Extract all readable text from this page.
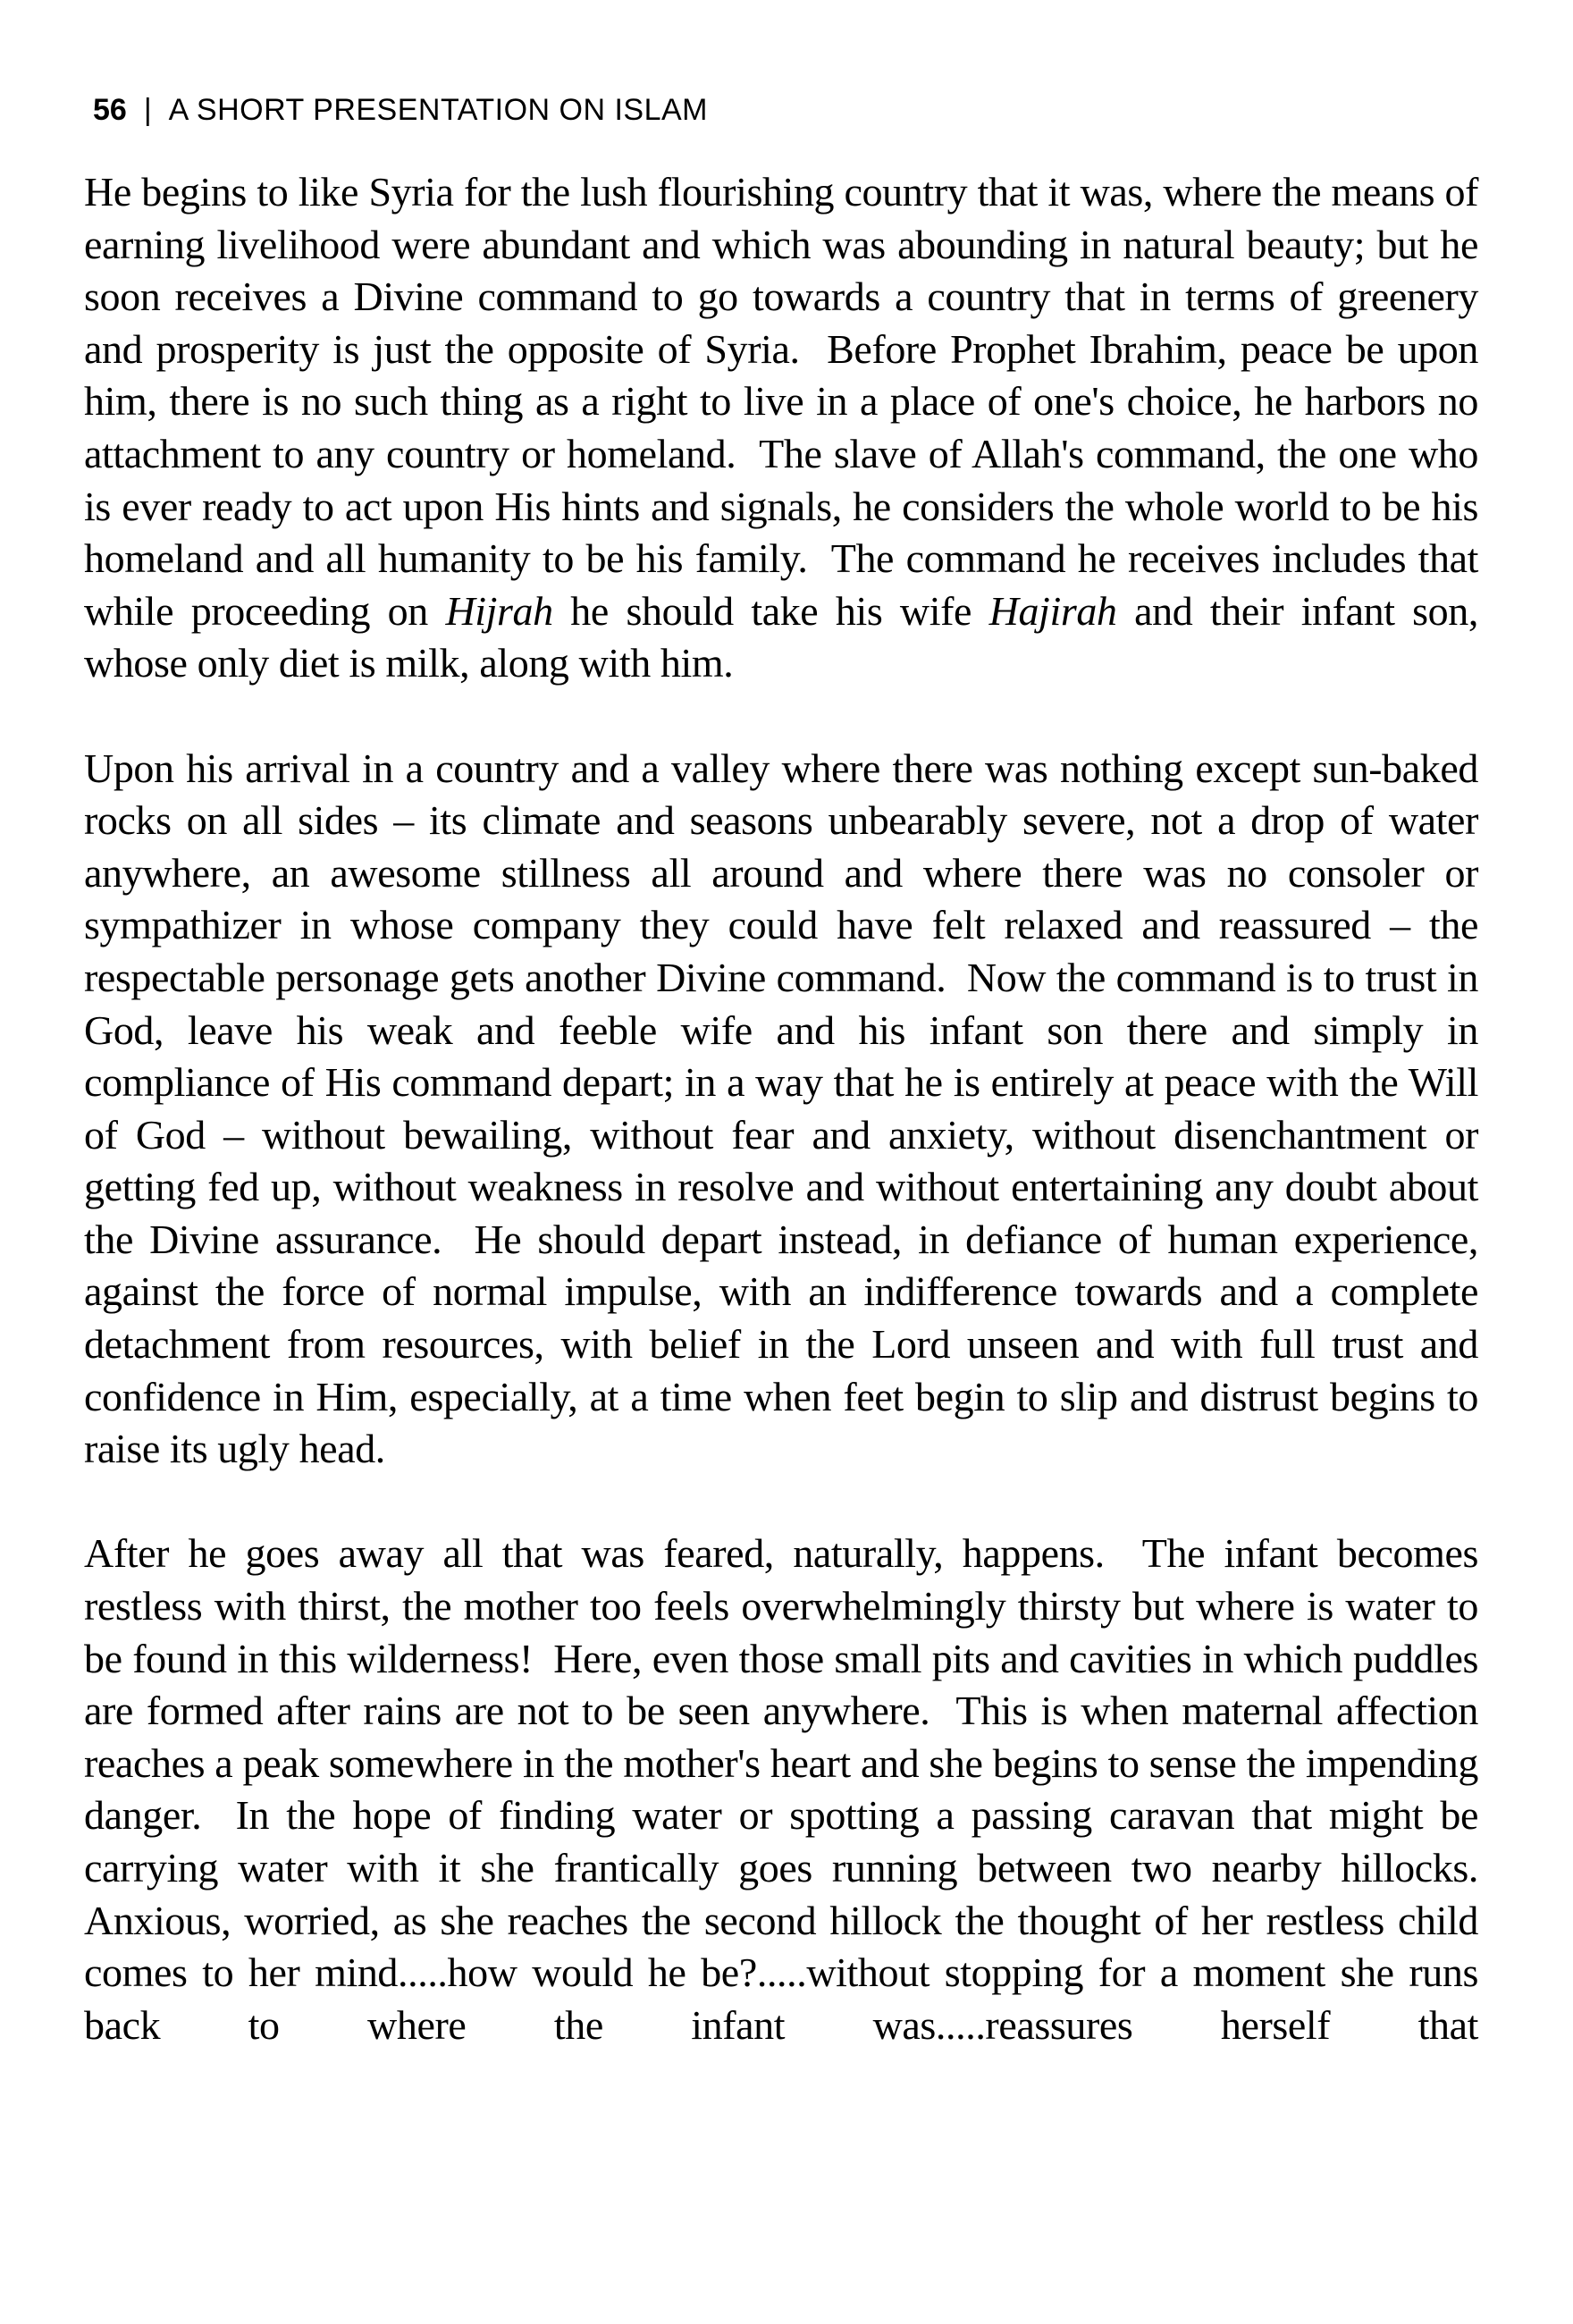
56 | A SHORT PRESENTATION ON ISLAM

He begins to like Syria for the lush flourishing country that it was, where the means of earning livelihood were abundant and which was abounding in natural beauty; but he soon receives a Divine command to go towards a country that in terms of greenery and prosperity is just the opposite of Syria.  Before Prophet Ibrahim, peace be upon him, there is no such thing as a right to live in a place of one's choice, he harbors no attachment to any country or homeland.  The slave of Allah's command, the one who is ever ready to act upon His hints and signals, he considers the whole world to be his homeland and all humanity to be his family.  The command he receives includes that while proceeding on Hijrah he should take his wife Hajirah and their infant son, whose only diet is milk, along with him.

Upon his arrival in a country and a valley where there was nothing except sun-baked rocks on all sides – its climate and seasons unbearably severe, not a drop of water anywhere, an awesome stillness all around and where there was no consoler or sympathizer in whose company they could have felt relaxed and reassured – the respectable personage gets another Divine command.  Now the command is to trust in God, leave his weak and feeble wife and his infant son there and simply in compliance of His command depart; in a way that he is entirely at peace with the Will of God – without bewailing, without fear and anxiety, without disenchantment or getting fed up, without weakness in resolve and without entertaining any doubt about the Divine assurance.  He should depart instead, in defiance of human experience, against the force of normal impulse, with an indifference towards and a complete detachment from resources, with belief in the Lord unseen and with full trust and confidence in Him, especially, at a time when feet begin to slip and distrust begins to raise its ugly head.

After he goes away all that was feared, naturally, happens.  The infant becomes restless with thirst, the mother too feels overwhelmingly thirsty but where is water to be found in this wilderness!  Here, even those small pits and cavities in which puddles are formed after rains are not to be seen anywhere.  This is when maternal affection reaches a peak somewhere in the mother's heart and she begins to sense the impending danger.  In the hope of finding water or spotting a passing caravan that might be carrying water with it she frantically goes running between two nearby hillocks.  Anxious, worried, as she reaches the second hillock the thought of her restless child comes to her mind.....how would he be?.....without stopping for a moment she runs back to where the infant was.....reassures herself that
